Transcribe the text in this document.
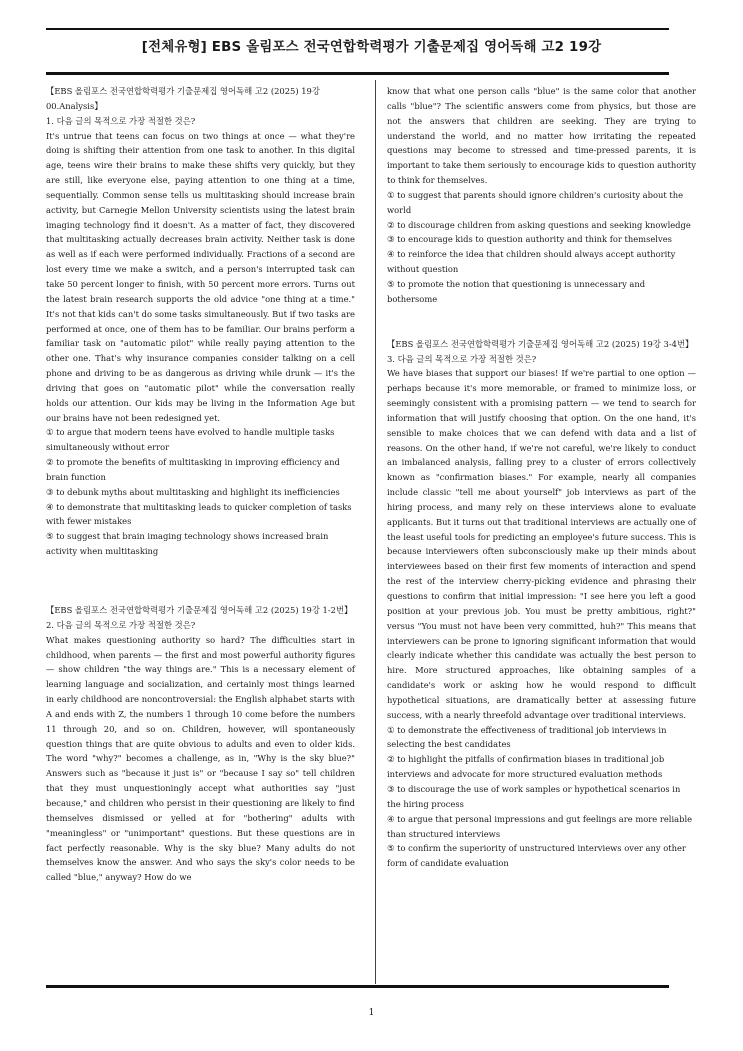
[전체유형] EBS 올림포스 전국연합학력평가 기출문제집 영어독해 고2 19강

【EBS 올림포스 전국연합학력평가 기출문제집 영어독해 고2 (2025) 19강 00.Analysis】

1. 다음 글의 목적으로 가장 적절한 것은?

It's untrue that teens can focus on two things at once — what they're doing is shifting their attention from one task to another. In this digital age, teens wire their brains to make these shifts very quickly, but they are still, like everyone else, paying attention to one thing at a time, sequentially. Common sense tells us multitasking should increase brain activity, but Carnegie Mellon University scientists using the latest brain imaging technology find it doesn't. As a matter of fact, they discovered that multitasking actually decreases brain activity. Neither task is done as well as if each were performed individually. Fractions of a second are lost every time we make a switch, and a person's interrupted task can take 50 percent longer to finish, with 50 percent more errors. Turns out the latest brain research supports the old advice "one thing at a time." It's not that kids can't do some tasks simultaneously. But if two tasks are performed at once, one of them has to be familiar. Our brains perform a familiar task on "automatic pilot" while really paying attention to the other one. That's why insurance companies consider talking on a cell phone and driving to be as dangerous as driving while drunk — it's the driving that goes on "automatic pilot" while the conversation really holds our attention. Our kids may be living in the Information Age but our brains have not been redesigned yet.

① to argue that modern teens have evolved to handle multiple tasks simultaneously without error

② to promote the benefits of multitasking in improving efficiency and brain function

③ to debunk myths about multitasking and highlight its inefficiencies

④ to demonstrate that multitasking leads to quicker completion of tasks with fewer mistakes

⑤ to suggest that brain imaging technology shows increased brain activity when multitasking

【EBS 올림포스 전국연합학력평가 기출문제집 영어독해 고2 (2025) 19강 1-2번】

2. 다음 글의 목적으로 가장 적절한 것은?

What makes questioning authority so hard? The difficulties start in childhood, when parents — the first and most powerful authority figures — show children "the way things are." This is a necessary element of learning language and socialization, and certainly most things learned in early childhood are noncontroversial: the English alphabet starts with A and ends with Z, the numbers 1 through 10 come before the numbers 11 through 20, and so on. Children, however, will spontaneously question things that are quite obvious to adults and even to older kids. The word "why?" becomes a challenge, as in, "Why is the sky blue?" Answers such as "because it just is" or "because I say so" tell children that they must unquestioningly accept what authorities say "just because," and children who persist in their questioning are likely to find themselves dismissed or yelled at for "bothering" adults with "meaningless" or "unimportant" questions. But these questions are in fact perfectly reasonable. Why is the sky blue? Many adults do not themselves know the answer. And who says the sky's color needs to be called "blue," anyway? How do we

know that what one person calls "blue" is the same color that another calls "blue"? The scientific answers come from physics, but those are not the answers that children are seeking. They are trying to understand the world, and no matter how irritating the repeated questions may become to stressed and time-pressed parents, it is important to take them seriously to encourage kids to question authority to think for themselves.

① to suggest that parents should ignore children's curiosity about the world

② to discourage children from asking questions and seeking knowledge

③ to encourage kids to question authority and think for themselves

④ to reinforce the idea that children should always accept authority without question

⑤ to promote the notion that questioning is unnecessary and bothersome

【EBS 올림포스 전국연합학력평가 기출문제집 영어독해 고2 (2025) 19강 3-4번】

3. 다음 글의 목적으로 가장 적절한 것은?

We have biases that support our biases! If we're partial to one option — perhaps because it's more memorable, or framed to minimize loss, or seemingly consistent with a promising pattern — we tend to search for information that will justify choosing that option. On the one hand, it's sensible to make choices that we can defend with data and a list of reasons. On the other hand, if we're not careful, we're likely to conduct an imbalanced analysis, falling prey to a cluster of errors collectively known as "confirmation biases." For example, nearly all companies include classic "tell me about yourself" job interviews as part of the hiring process, and many rely on these interviews alone to evaluate applicants. But it turns out that traditional interviews are actually one of the least useful tools for predicting an employee's future success. This is because interviewers often subconsciously make up their minds about interviewees based on their first few moments of interaction and spend the rest of the interview cherry-picking evidence and phrasing their questions to confirm that initial impression: "I see here you left a good position at your previous job. You must be pretty ambitious, right?" versus "You must not have been very committed, huh?" This means that interviewers can be prone to ignoring significant information that would clearly indicate whether this candidate was actually the best person to hire. More structured approaches, like obtaining samples of a candidate's work or asking how he would respond to difficult hypothetical situations, are dramatically better at assessing future success, with a nearly threefold advantage over traditional interviews.

① to demonstrate the effectiveness of traditional job interviews in selecting the best candidates

② to highlight the pitfalls of confirmation biases in traditional job interviews and advocate for more structured evaluation methods

③ to discourage the use of work samples or hypothetical scenarios in the hiring process

④ to argue that personal impressions and gut feelings are more reliable than structured interviews

⑤ to confirm the superiority of unstructured interviews over any other form of candidate evaluation

1
